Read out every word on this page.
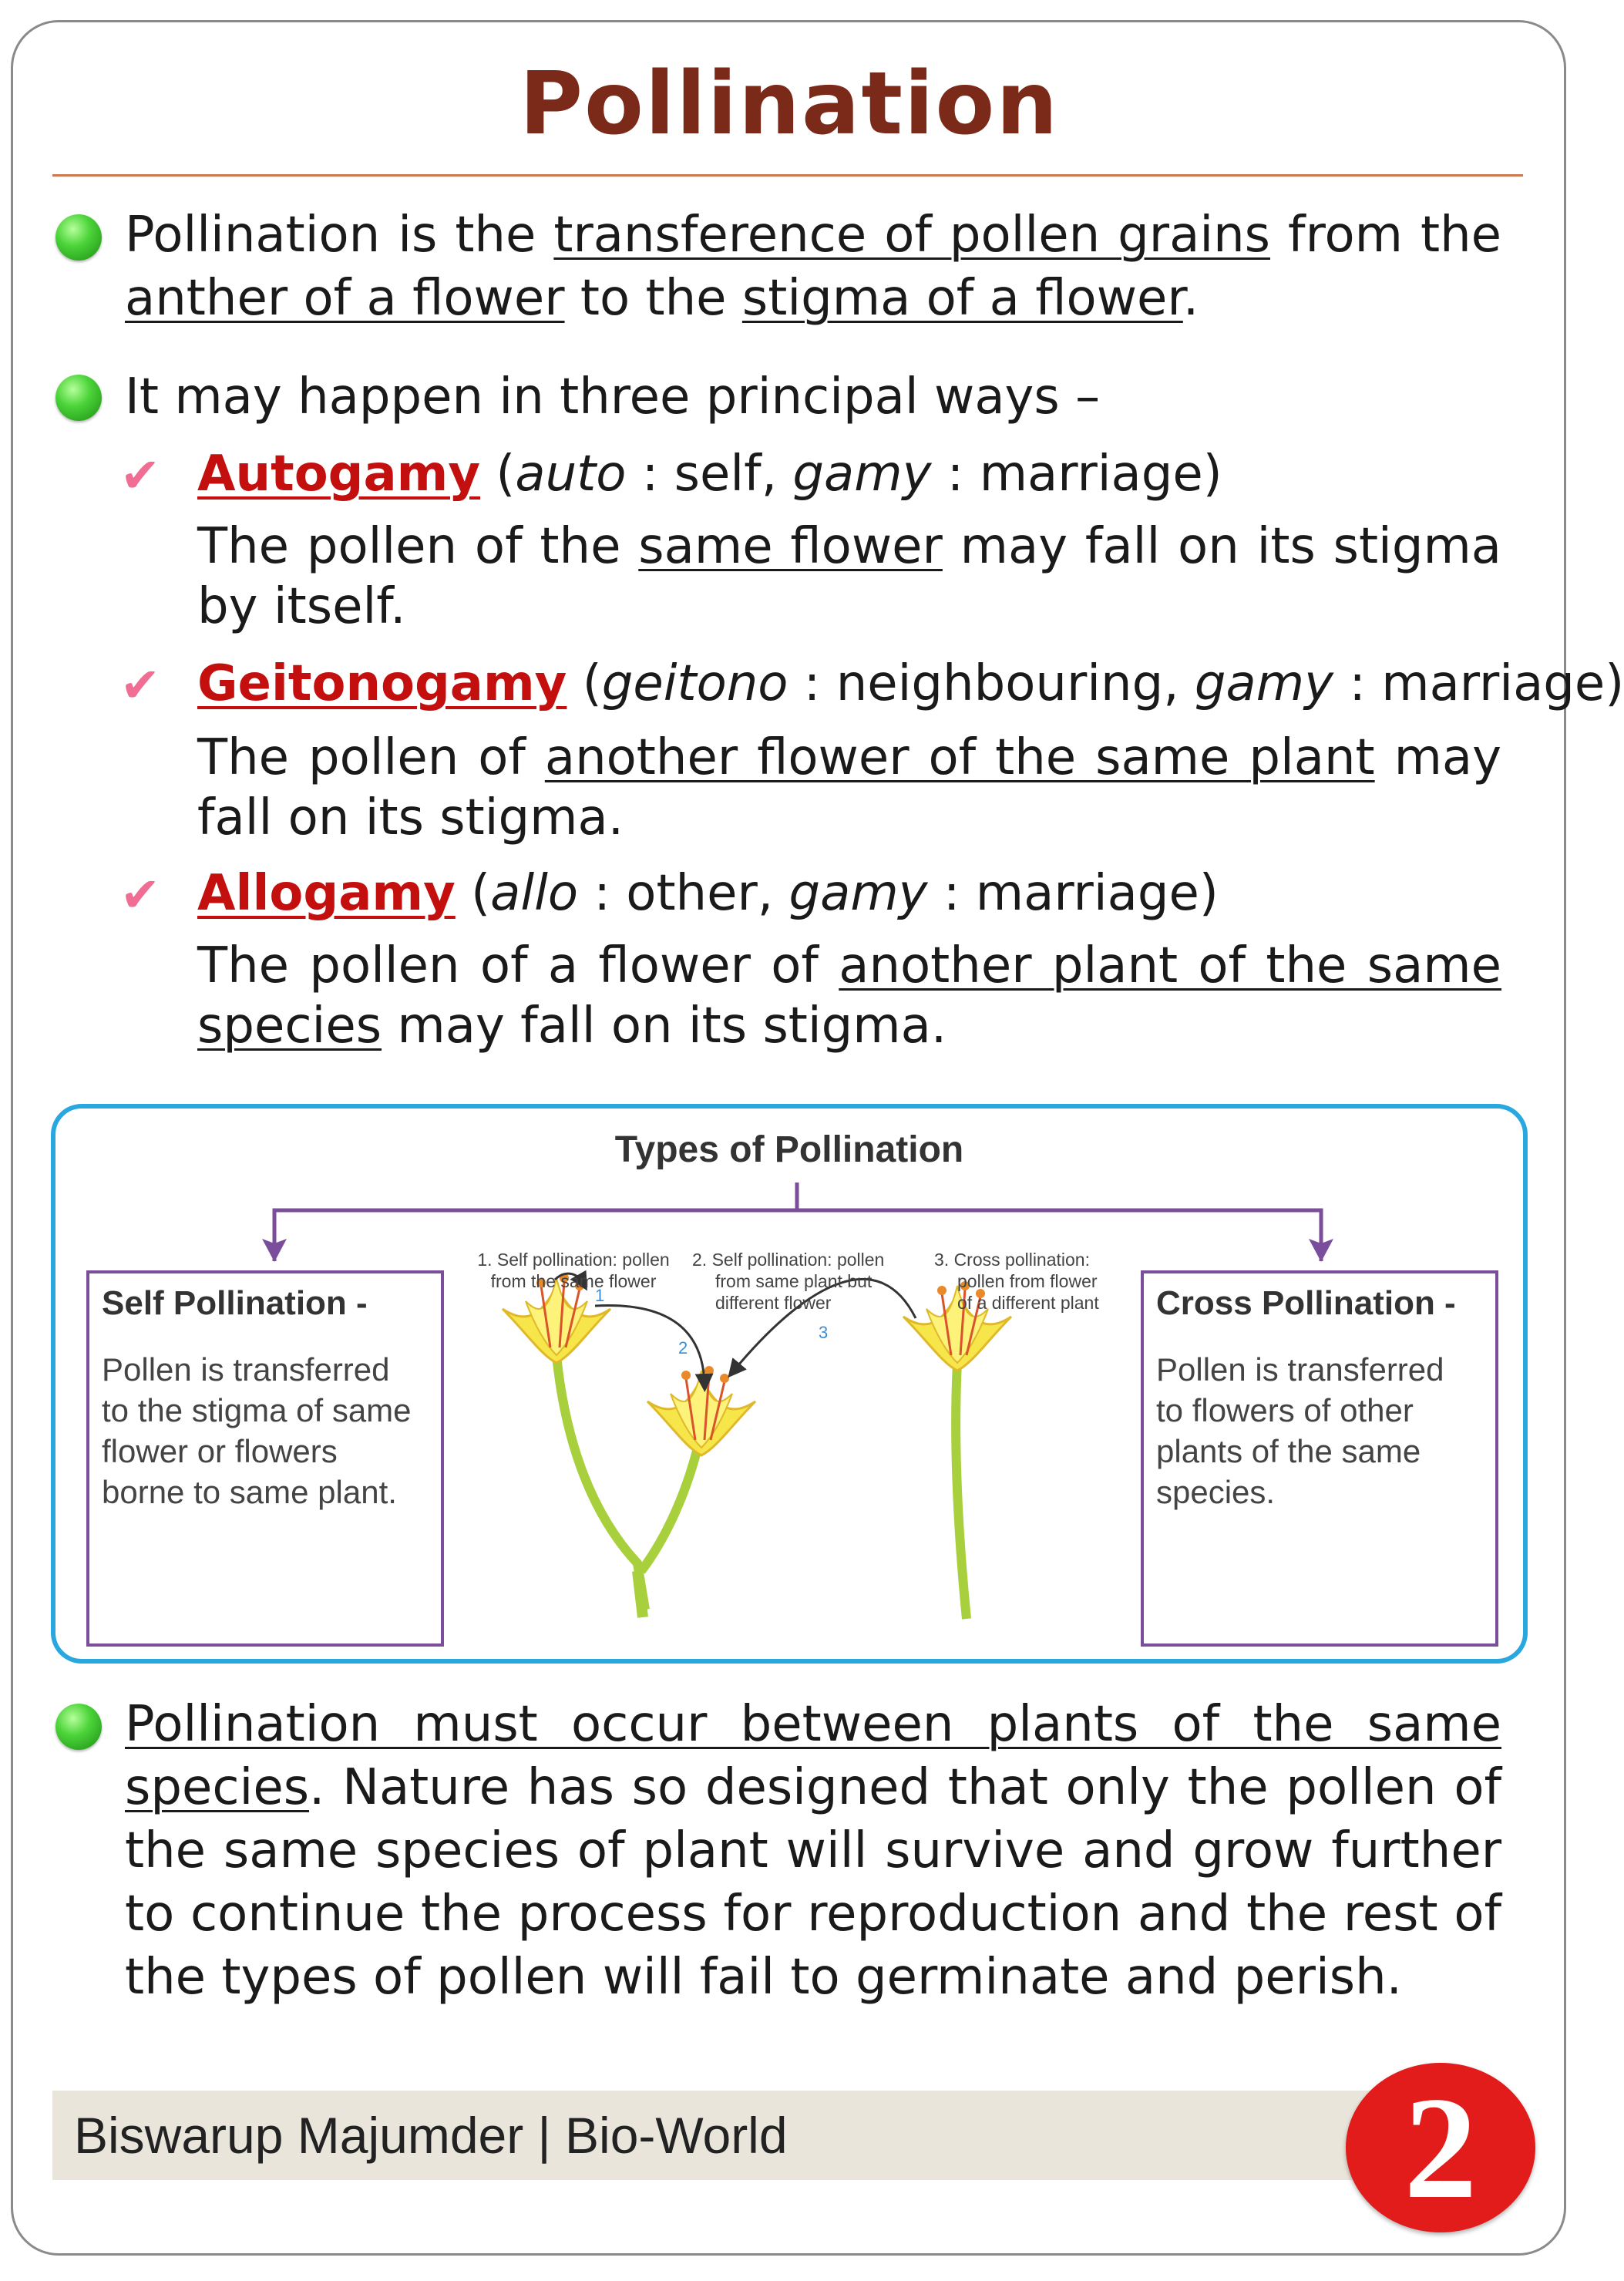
Pollination
Pollination is the transference of pollen grains from the anther of a flower to the stigma of a flower.
It may happen in three principal ways –
✔ Autogamy (auto : self, gamy : marriage)
The pollen of the same flower may fall on its stigma by itself.
✔ Geitonogamy (geitono : neighbouring, gamy : marriage)
The pollen of another flower of the same plant may fall on its stigma.
✔ Allogamy (allo : other, gamy : marriage)
The pollen of a flower of another plant of the same species may fall on its stigma.
Types of Pollination
1
2
3
1. Self pollination: pollen
from the same flower
2. Self pollination: pollen
from same plant but
different flower
3. Cross pollination:
pollen from flower
of a different plant
Self Pollination -
Pollen is transferred to the stigma of same flower or flowers borne to same plant.
Cross Pollination -
Pollen is transferred to flowers of other plants of the same species.
Pollination must occur between plants of the same species. Nature has so designed that only the pollen of the same species of plant will survive and grow further to continue the process for reproduction and the rest of the types of pollen will fail to germinate and perish.
Biswarup Majumder | Bio-World	2
